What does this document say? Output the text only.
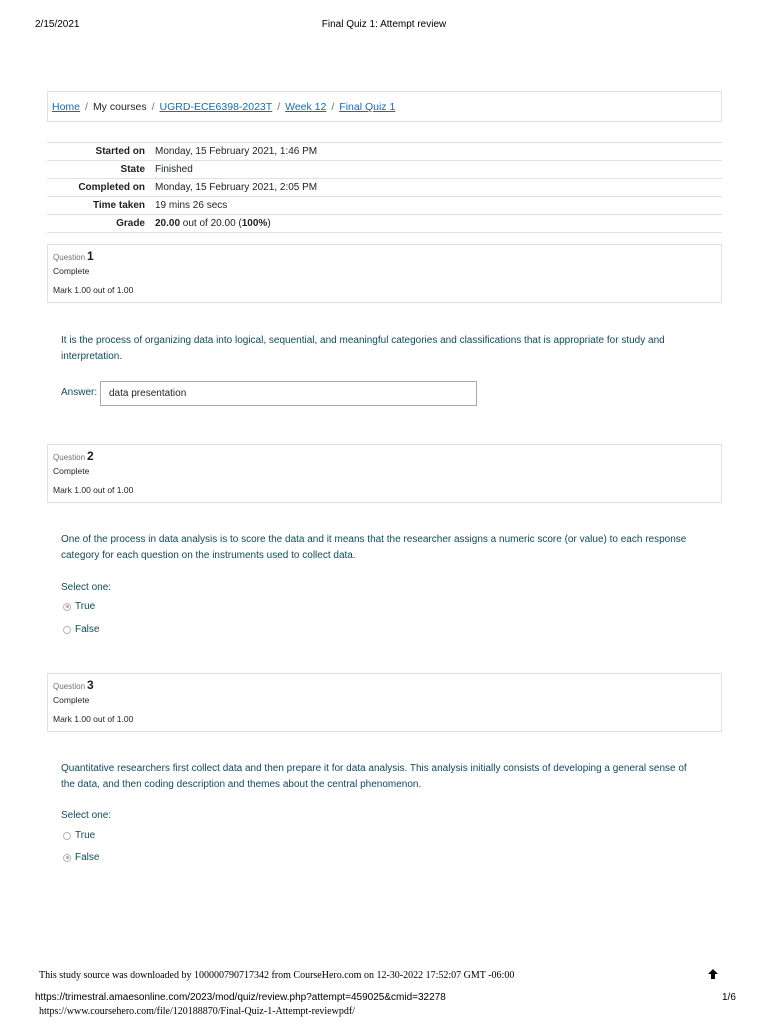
2/15/2021	Final Quiz 1: Attempt review
Home / My courses / UGRD-ECE6398-2023T / Week 12 / Final Quiz 1
Started on	Monday, 15 February 2021, 1:46 PM
State	Finished
Completed on	Monday, 15 February 2021, 2:05 PM
Time taken	19 mins 26 secs
Grade	20.00 out of 20.00 (100%)
Question 1
Complete
Mark 1.00 out of 1.00
It is the process of organizing data into logical, sequential, and meaningful categories and classifications that is appropriate for study and interpretation.
Answer:	data presentation
Question 2
Complete
Mark 1.00 out of 1.00
One of the process in data analysis is to score the data and it means that the researcher assigns a numeric score (or value) to each response category for each question on the instruments used to collect data.
Select one:
True
False
Question 3
Complete
Mark 1.00 out of 1.00
Quantitative researchers first collect data and then prepare it for data analysis. This analysis initially consists of developing a general sense of the data, and then coding description and themes about the central phenomenon.
Select one:
True
False
This study source was downloaded by 100000790717342 from CourseHero.com on 12-30-2022 17:52:07 GMT -06:00
https://trimestral.amaesonline.com/2023/mod/quiz/review.php?attempt=459025&cmid=32278	1/6
https://www.coursehero.com/file/120188870/Final-Quiz-1-Attempt-reviewpdf/
